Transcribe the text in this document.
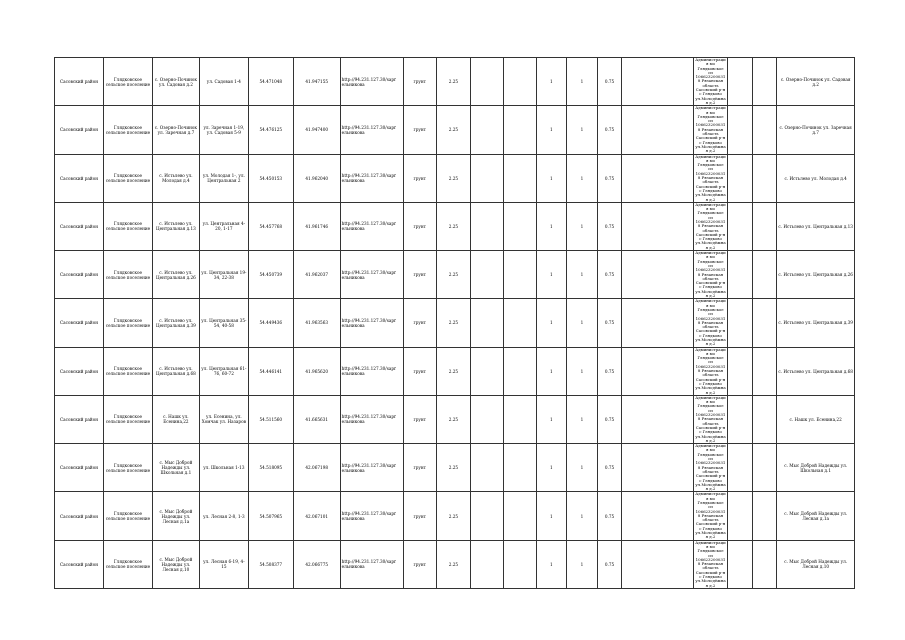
Сасовский район	Глядковское сельское поселение	с. Озерно-Починок ул. Садовая д.2	ул. Садовая 1-4	54.471048	41.947155	http://94.231.127.30/sapr ельникова	грунт	2.25			1	1	0.75		Администрация мо Глядковское сп 1066232000318 Рязанская область Сасовский р-н с Глядково ул.Молодёжная д.2			с. Озерно-Починок ул. Садовая д.2
Сасовский район	Глядковское сельское поселение	с. Озерно-Починок ул. Заречная д.7	ул. Заречная 1-19, ул. Садовая 5-9	54.476125	41.947400	http://94.231.127.30/sapr ельникова	грунт	2.25			1	1	0.75		Администрация мо Глядковское сп 1066232000318 Рязанская область Сасовский р-н с Глядково ул.Молодёжная д.2			с. Озерно-Починок ул. Заречная д.7
Сасовский район	Глядковское сельское поселение	с. Истьлево ул. Молодая д.4	ул. Молодая 1-, ул. Центральная 2	54.450153	41.962040	http://94.231.127.30/sapr ельникова	грунт	2.25			1	1	0.75		Администрация мо Глядковское сп 1066232000318 Рязанская область Сасовский р-н с Глядково ул.Молодёжная д.2			с. Истьлево ул. Молодая д.4
Сасовский район	Глядковское сельское поселение	с. Истьлево ул. Центральная д.13	ул. Центральная 4-20, 1-17	54.457768	41.961746	http://94.231.127.30/sapr ельникова	грунт	2.25			1	1	0.75		Администрация мо Глядковское сп 1066232000318 Рязанская область Сасовский р-н с Глядково ул.Молодёжная д.2			с. Истьлево ул. Центральная д.13
Сасовский район	Глядковское сельское поселение	с. Истьлево ул. Центральная д.26	ул. Центральная 19-34, 22-38	54.450739	41.962037	http://94.231.127.30/sapr ельникова	грунт	2.25			1	1	0.75		Администрация мо Глядковское сп 1066232000318 Рязанская область Сасовский р-н с Глядково ул.Молодёжная д.2			с. Истьлево ул. Центральная д.26
Сасовский район	Глядковское сельское поселение	с. Истьлево ул. Центральная д.39	ул. Центральная 35-54, 40-58	54.449436	41.963563	http://94.231.127.30/sapr ельникова	грунт	2.25			1	1	0.75		Администрация мо Глядковское сп 1066232000318 Рязанская область Сасовский р-н с Глядково ул.Молодёжная д.2			с. Истьлево ул. Центральная д.39
Сасовский район	Глядковское сельское поселение	с. Истьлево ул. Центральная д.68	ул. Центральная 61-76, 60-72	54.446141	41.965620	http://94.231.127.30/sapr ельникова	грунт	2.25			1	1	0.75		Администрация мо Глядковское сп 1066232000318 Рязанская область Сасовский р-н с Глядково ул.Молодёжная д.2			с. Истьлево ул. Центральная д.68
Сасовский район	Глядковское сельское поселение	с. Нашк ул. Есенина,22	ул. Есенина, ул. Хомчак ул. Назаров	54.511560	41.665631	http://94.231.127.30/sapr ельникова	грунт	2.25			1	1	0.75		Администрация мо Глядковское сп 1066232000318 Рязанская область Сасовский р-н с Глядково ул.Молодёжная д.2			с. Нашк ул. Есенина,22
Сасовский район	Глядковское сельское поселение	с. Мыс Доброй Надежды ул. Школьная д.1	ул. Школьная 1-13	54.518095	42.067198	http://94.231.127.30/sapr ельникова	грунт	2.25			1	1	0.75		Администрация мо Глядковское сп 1066232000318 Рязанская область Сасовский р-н с Глядково ул.Молодёжная д.2			с. Мыс Доброй Надежды ул. Школьная д.1
Сасовский район	Глядковское сельское поселение	с. Мыс Доброй Надежды ул. Лесная д.1а	ул. Лесная 2-8, 1-3	54.507965	42.067101	http://94.231.127.30/sapr ельникова	грунт	2.25			1	1	0.75		Администрация мо Глядковское сп 1066232000318 Рязанская область Сасовский р-н с Глядково ул.Молодёжная д.2			с. Мыс Доброй Надежды ул. Лесная д.1а
Сасовский район	Глядковское сельское поселение	с. Мыс Доброй Надежды ул. Лесная д.10	ул. Лесная 6-19, 4-15	54.508377	42.066775	http://94.231.127.30/sapr ельникова	грунт	2.25			1	1	0.75		Администрация мо Глядковское сп 1066232000318 Рязанская область Сасовский р-н с Глядково ул.Молодёжная д.2			с. Мыс Доброй Надежды ул. Лесная д.10
